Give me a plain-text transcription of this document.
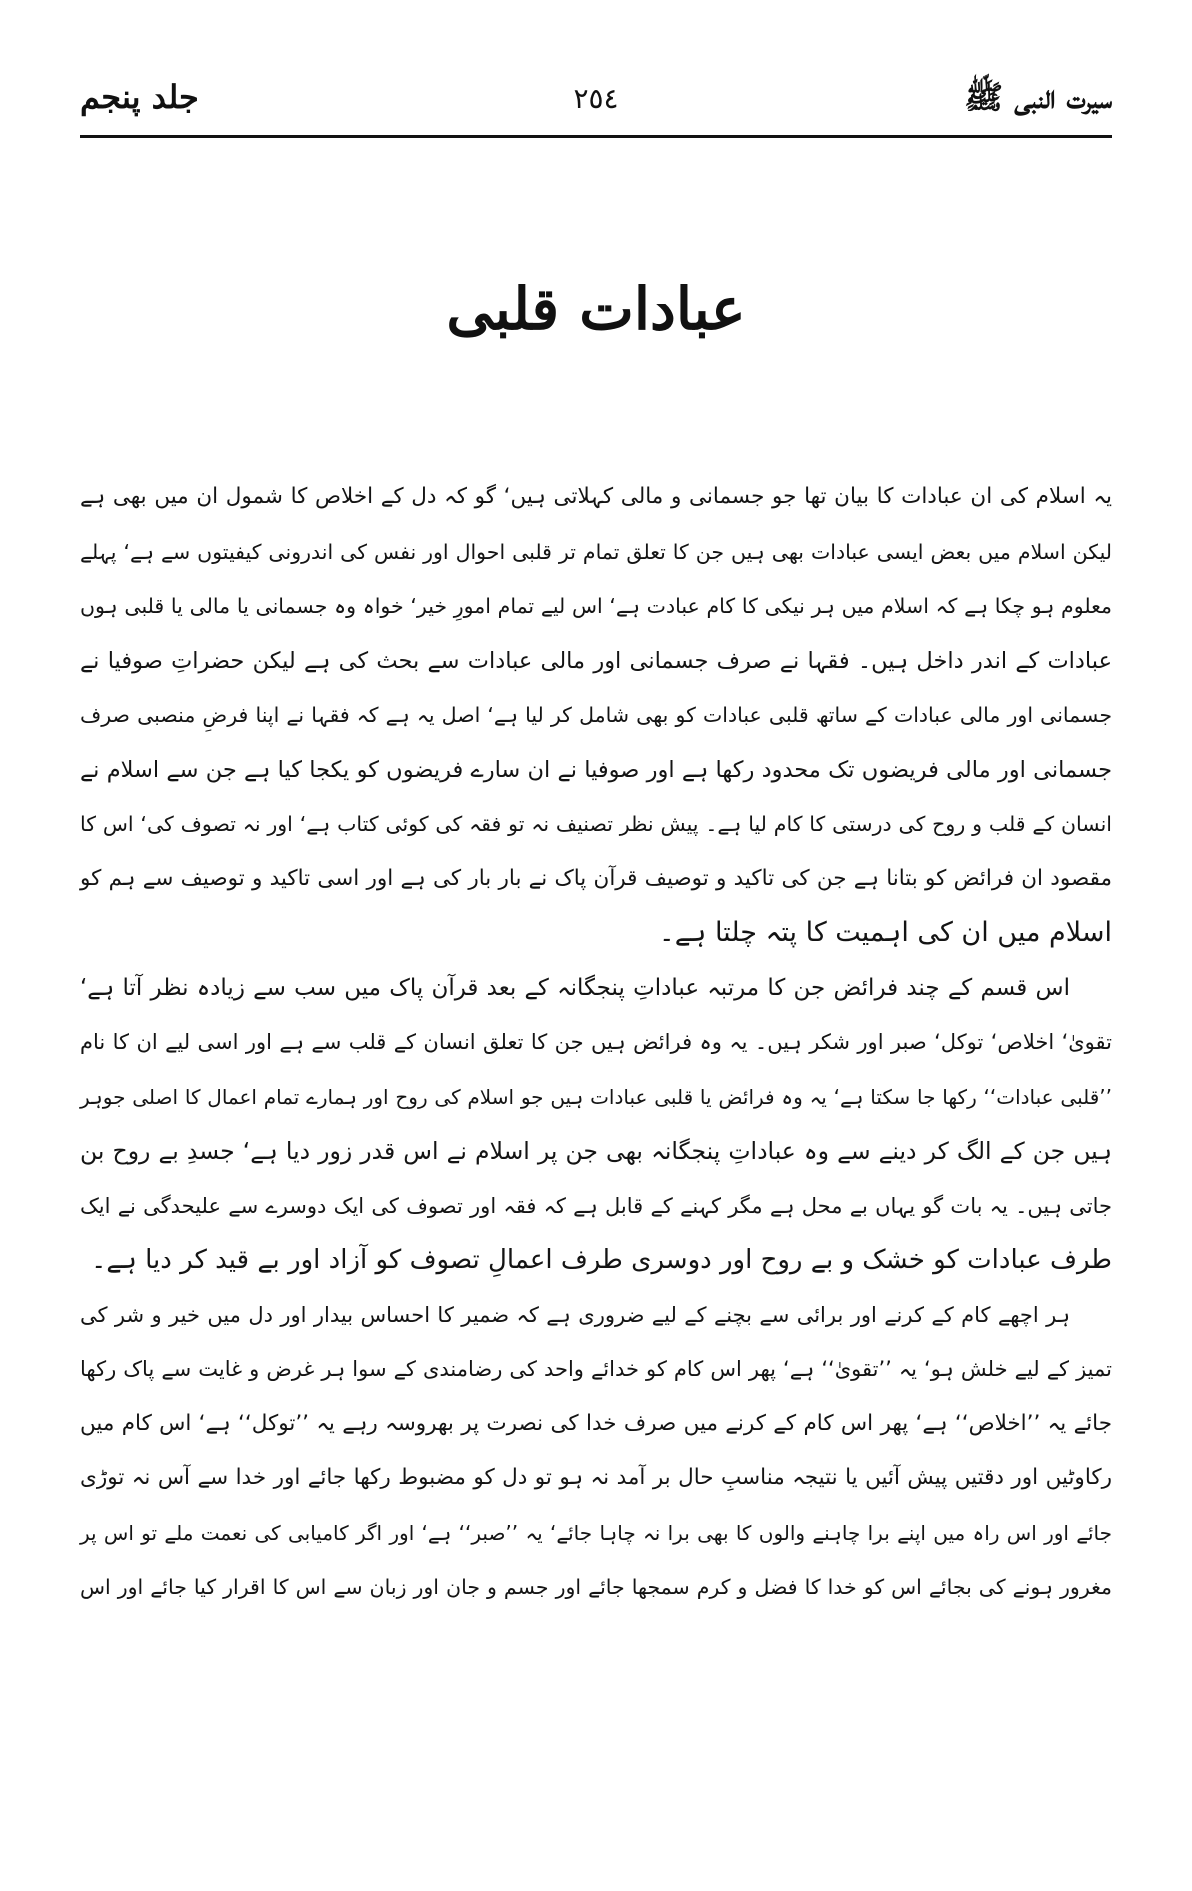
سیرت النبی ﷺ
٢٥٤
جلد پنجم
عبادات قلبی
یہ اسلام کی ان عبادات کا بیان تھا جو جسمانی و مالی کہلاتی ہیں‘ گو کہ دل کے اخلاص کا شمول ان میں بھی ہے
لیکن اسلام میں بعض ایسی عبادات بھی ہیں جن کا تعلق تمام تر قلبی احوال اور نفس کی اندرونی کیفیتوں سے ہے‘ پہلے
معلوم ہو چکا ہے کہ اسلام میں ہر نیکی کا کام عبادت ہے‘ اس لیے تمام امورِ خیر‘ خواہ وہ جسمانی یا مالی یا قلبی ہوں
عبادات کے اندر داخل ہیں۔ فقہا نے صرف جسمانی اور مالی عبادات سے بحث کی ہے لیکن حضراتِ صوفیا نے
جسمانی اور مالی عبادات کے ساتھ قلبی عبادات کو بھی شامل کر لیا ہے‘ اصل یہ ہے کہ فقہا نے اپنا فرضِ منصبی صرف
جسمانی اور مالی فریضوں تک محدود رکھا ہے اور صوفیا نے ان سارے فریضوں کو یکجا کیا ہے جن سے اسلام نے
انسان کے قلب و روح کی درستی کا کام لیا ہے۔ پیش نظر تصنیف نہ تو فقہ کی کوئی کتاب ہے‘ اور نہ تصوف کی‘ اس کا
مقصود ان فرائض کو بتانا ہے جن کی تاکید و توصیف قرآن پاک نے بار بار کی ہے اور اسی تاکید و توصیف سے ہم کو
اسلام میں ان کی اہمیت کا پتہ چلتا ہے۔
اس قسم کے چند فرائض جن کا مرتبہ عباداتِ پنجگانہ کے بعد قرآن پاک میں سب سے زیادہ نظر آتا ہے‘
تقویٰ‘ اخلاص‘ توکل‘ صبر اور شکر ہیں۔ یہ وہ فرائض ہیں جن کا تعلق انسان کے قلب سے ہے اور اسی لیے ان کا نام
’’قلبی عبادات‘‘ رکھا جا سکتا ہے‘ یہ وہ فرائض یا قلبی عبادات ہیں جو اسلام کی روح اور ہمارے تمام اعمال کا اصلی جوہر
ہیں جن کے الگ کر دینے سے وہ عباداتِ پنجگانہ بھی جن پر اسلام نے اس قدر زور دیا ہے‘ جسدِ بے روح بن
جاتی ہیں۔ یہ بات گو یہاں بے محل ہے مگر کہنے کے قابل ہے کہ فقہ اور تصوف کی ایک دوسرے سے علیحدگی نے ایک
طرف عبادات کو خشک و بے روح اور دوسری طرف اعمالِ تصوف کو آزاد اور بے قید کر دیا ہے۔
ہر اچھے کام کے کرنے اور برائی سے بچنے کے لیے ضروری ہے کہ ضمیر کا احساس بیدار اور دل میں خیر و شر کی
تمیز کے لیے خلش ہو‘ یہ ’’تقویٰ‘‘ ہے‘ پھر اس کام کو خدائے واحد کی رضامندی کے سوا ہر غرض و غایت سے پاک رکھا
جائے یہ ’’اخلاص‘‘ ہے‘ پھر اس کام کے کرنے میں صرف خدا کی نصرت پر بھروسہ رہے یہ ’’توکل‘‘ ہے‘ اس کام میں
رکاوٹیں اور دقتیں پیش آئیں یا نتیجہ مناسبِ حال بر آمد نہ ہو تو دل کو مضبوط رکھا جائے اور خدا سے آس نہ توڑی
جائے اور اس راہ میں اپنے برا چاہنے والوں کا بھی برا نہ چاہا جائے‘ یہ ’’صبر‘‘ ہے‘ اور اگر کامیابی کی نعمت ملے تو اس پر
مغرور ہونے کی بجائے اس کو خدا کا فضل و کرم سمجھا جائے اور جسم و جان اور زبان سے اس کا اقرار کیا جائے اور اس
